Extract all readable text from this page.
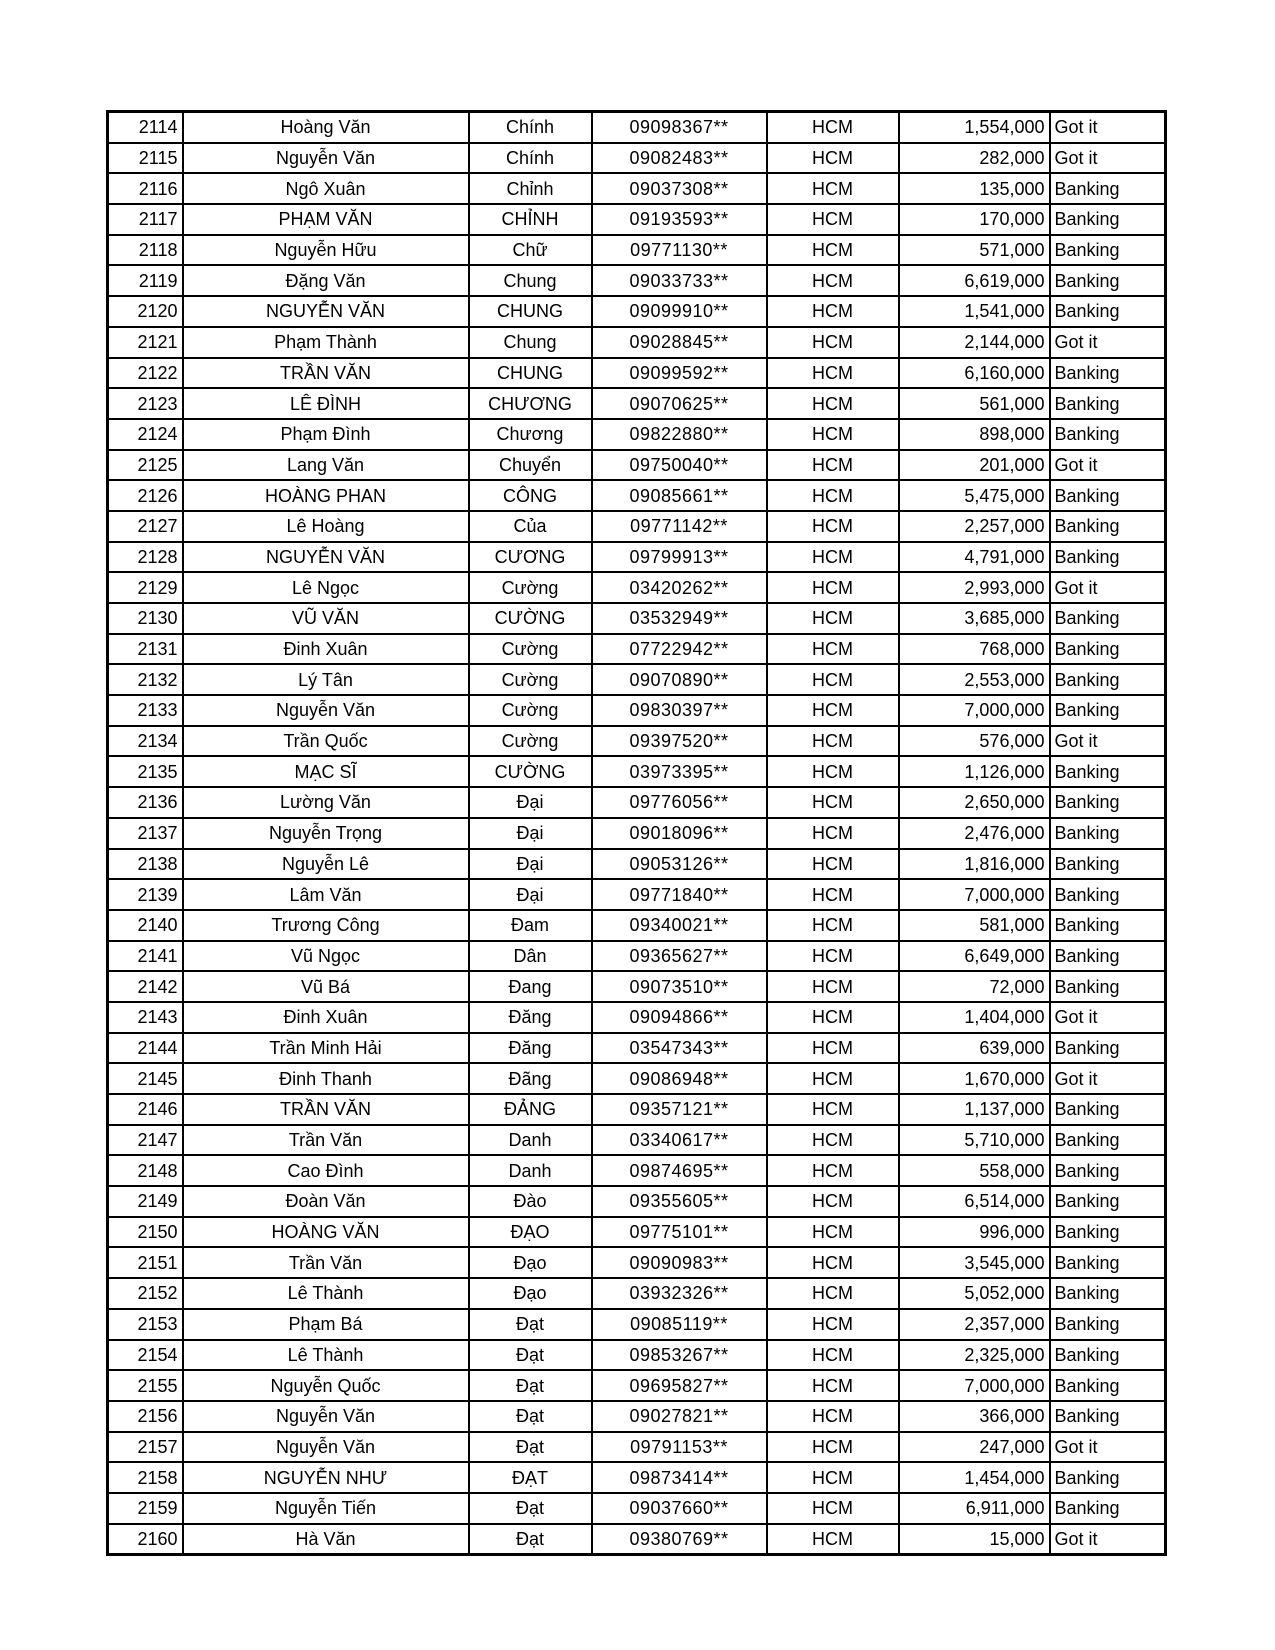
2114	Hoàng Văn	Chính	09098367**	HCM	1,554,000	Got it
2115	Nguyễn Văn	Chính	09082483**	HCM	282,000	Got it
2116	Ngô Xuân	Chỉnh	09037308**	HCM	135,000	Banking
2117	PHẠM VĂN	CHỈNH	09193593**	HCM	170,000	Banking
2118	Nguyễn Hữu	Chữ	09771130**	HCM	571,000	Banking
2119	Đặng Văn	Chung	09033733**	HCM	6,619,000	Banking
2120	NGUYỄN VĂN	CHUNG	09099910**	HCM	1,541,000	Banking
2121	Phạm Thành	Chung	09028845**	HCM	2,144,000	Got it
2122	TRẦN VĂN	CHUNG	09099592**	HCM	6,160,000	Banking
2123	LÊ ĐÌNH	CHƯƠNG	09070625**	HCM	561,000	Banking
2124	Phạm Đình	Chương	09822880**	HCM	898,000	Banking
2125	Lang Văn	Chuyển	09750040**	HCM	201,000	Got it
2126	HOÀNG PHAN	CÔNG	09085661**	HCM	5,475,000	Banking
2127	Lê Hoàng	Của	09771142**	HCM	2,257,000	Banking
2128	NGUYỄN VĂN	CƯƠNG	09799913**	HCM	4,791,000	Banking
2129	Lê Ngọc	Cường	03420262**	HCM	2,993,000	Got it
2130	VŨ VĂN	CƯỜNG	03532949**	HCM	3,685,000	Banking
2131	Đinh Xuân	Cường	07722942**	HCM	768,000	Banking
2132	Lý Tân	Cường	09070890**	HCM	2,553,000	Banking
2133	Nguyễn Văn	Cường	09830397**	HCM	7,000,000	Banking
2134	Trần Quốc	Cường	09397520**	HCM	576,000	Got it
2135	MẠC SĨ	CƯỜNG	03973395**	HCM	1,126,000	Banking
2136	Lường Văn	Đại	09776056**	HCM	2,650,000	Banking
2137	Nguyễn Trọng	Đại	09018096**	HCM	2,476,000	Banking
2138	Nguyễn Lê	Đại	09053126**	HCM	1,816,000	Banking
2139	Lâm Văn	Đại	09771840**	HCM	7,000,000	Banking
2140	Trương Công	Đam	09340021**	HCM	581,000	Banking
2141	Vũ Ngọc	Dân	09365627**	HCM	6,649,000	Banking
2142	Vũ Bá	Đang	09073510**	HCM	72,000	Banking
2143	Đinh Xuân	Đăng	09094866**	HCM	1,404,000	Got it
2144	Trần Minh Hải	Đăng	03547343**	HCM	639,000	Banking
2145	Đinh Thanh	Đãng	09086948**	HCM	1,670,000	Got it
2146	TRẦN VĂN	ĐẢNG	09357121**	HCM	1,137,000	Banking
2147	Trần Văn	Danh	03340617**	HCM	5,710,000	Banking
2148	Cao Đình	Danh	09874695**	HCM	558,000	Banking
2149	Đoàn Văn	Đào	09355605**	HCM	6,514,000	Banking
2150	HOÀNG VĂN	ĐẠO	09775101**	HCM	996,000	Banking
2151	Trần Văn	Đạo	09090983**	HCM	3,545,000	Banking
2152	Lê Thành	Đạo	03932326**	HCM	5,052,000	Banking
2153	Phạm Bá	Đạt	09085119**	HCM	2,357,000	Banking
2154	Lê Thành	Đạt	09853267**	HCM	2,325,000	Banking
2155	Nguyễn Quốc	Đạt	09695827**	HCM	7,000,000	Banking
2156	Nguyễn Văn	Đạt	09027821**	HCM	366,000	Banking
2157	Nguyễn Văn	Đạt	09791153**	HCM	247,000	Got it
2158	NGUYỄN NHƯ	ĐẠT	09873414**	HCM	1,454,000	Banking
2159	Nguyễn Tiến	Đạt	09037660**	HCM	6,911,000	Banking
2160	Hà Văn	Đạt	09380769**	HCM	15,000	Got it
